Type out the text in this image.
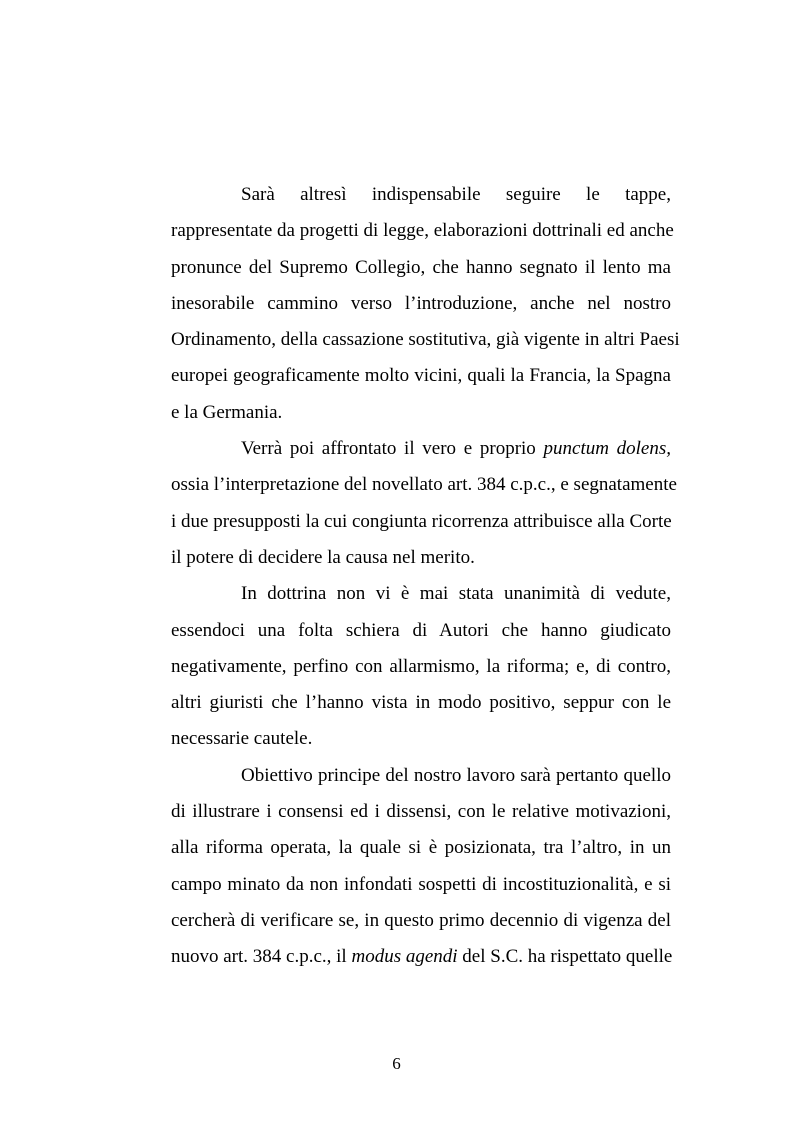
Sarà altresì indispensabile seguire le tappe,
rappresentate da progetti di legge, elaborazioni dottrinali ed anche
pronunce del Supremo Collegio, che hanno segnato il lento ma
inesorabile cammino verso l’introduzione, anche nel nostro
Ordinamento, della cassazione sostitutiva, già vigente in altri Paesi
europei geograficamente molto vicini, quali la Francia, la Spagna
e la Germania.
Verrà poi affrontato il vero e proprio punctum dolens,
ossia l’interpretazione del novellato art. 384 c.p.c., e segnatamente
i due presupposti la cui congiunta ricorrenza attribuisce alla Corte
il potere di decidere la causa nel merito.
In dottrina non vi è mai stata unanimità di vedute,
essendoci una folta schiera di Autori che hanno giudicato
negativamente, perfino con allarmismo, la riforma; e, di contro,
altri giuristi che l’hanno vista in modo positivo, seppur con le
necessarie cautele.
Obiettivo principe del nostro lavoro sarà pertanto quello
di illustrare i consensi ed i dissensi, con le relative motivazioni,
alla riforma operata, la quale si è posizionata, tra l’altro, in un
campo minato da non infondati sospetti di incostituzionalità, e si
cercherà di verificare se, in questo primo decennio di vigenza del
nuovo art. 384 c.p.c., il modus agendi del S.C. ha rispettato quelle
6
